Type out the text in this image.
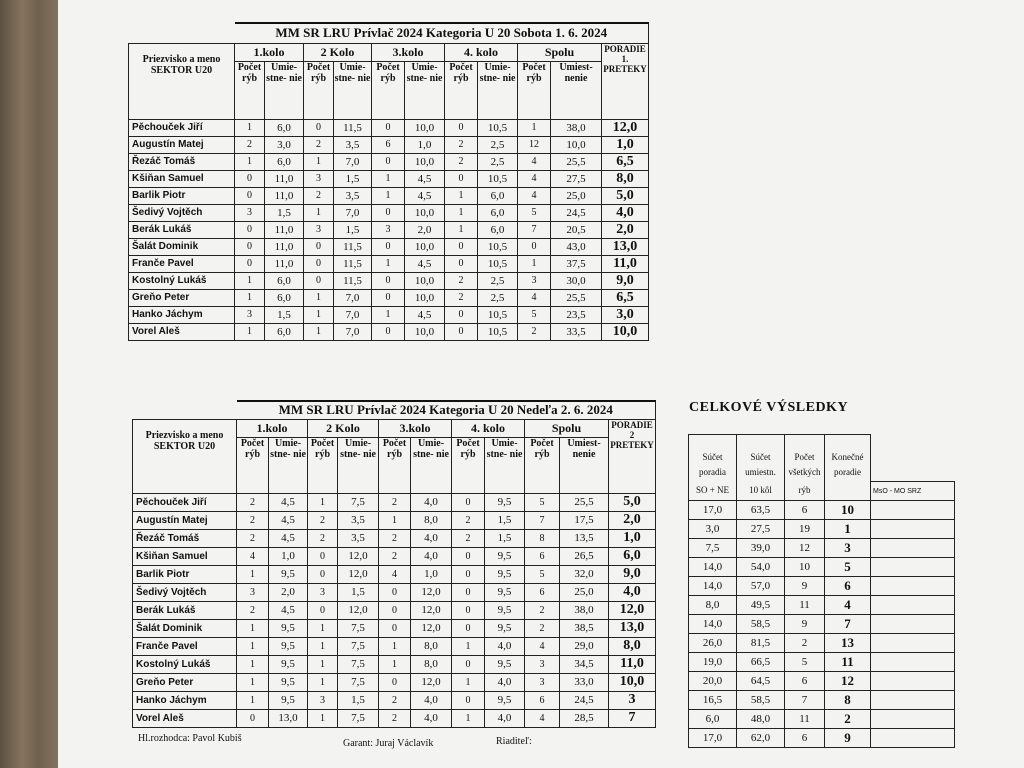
	MM SR LRU Prívlač 2024 Kategoria U 20 Sobota 1. 6. 2024										
Priezvisko a meno SEKTOR U20	1.kolo		2 Kolo		3.kolo		4. kolo		Spolu		PORADIE 1. PRETEKY
	Počet rýb	Umie- stne- nie	Počet rýb	Umie- stne- nie	Počet rýb	Umie- stne- nie	Počet rýb	Umie- stne- nie	Počet rýb	Umiest- nenie	
Pěchouček Jiří	1	6,0	0	11,5	0	10,0	0	10,5	1	38,0	12,0
Augustín Matej	2	3,0	2	3,5	6	1,0	2	2,5	12	10,0	1,0
Řezáč Tomáš	1	6,0	1	7,0	0	10,0	2	2,5	4	25,5	6,5
Kšiňan Samuel	0	11,0	3	1,5	1	4,5	0	10,5	4	27,5	8,0
Barlik Piotr	0	11,0	2	3,5	1	4,5	1	6,0	4	25,0	5,0
Šedivý Vojtěch	3	1,5	1	7,0	0	10,0	1	6,0	5	24,5	4,0
Berák Lukáš	0	11,0	3	1,5	3	2,0	1	6,0	7	20,5	2,0
Šalát Dominik	0	11,0	0	11,5	0	10,0	0	10,5	0	43,0	13,0
Franče Pavel	0	11,0	0	11,5	1	4,5	0	10,5	1	37,5	11,0
Kostolný Lukáš	1	6,0	0	11,5	0	10,0	2	2,5	3	30,0	9,0
Greňo Peter	1	6,0	1	7,0	0	10,0	2	2,5	4	25,5	6,5
Hanko Jáchym	3	1,5	1	7,0	1	4,5	0	10,5	5	23,5	3,0
Vorel Aleš	1	6,0	1	7,0	0	10,0	0	10,5	2	33,5	10,0
	MM SR LRU Prívlač 2024 Kategoria U 20 Nedeľa 2. 6. 2024										
Priezvisko a meno SEKTOR U20	1.kolo		2 Kolo		3.kolo		4. kolo		Spolu		PORADIE 2 PRETEKY
	Počet rýb	Umie- stne- nie	Počet rýb	Umie- stne- nie	Počet rýb	Umie- stne- nie	Počet rýb	Umie- stne- nie	Počet rýb	Umiest- nenie	
Pěchouček Jiří	2	4,5	1	7,5	2	4,0	0	9,5	5	25,5	5,0
Augustín Matej	2	4,5	2	3,5	1	8,0	2	1,5	7	17,5	2,0
Řezáč Tomáš	2	4,5	2	3,5	2	4,0	2	1,5	8	13,5	1,0
Kšiňan Samuel	4	1,0	0	12,0	2	4,0	0	9,5	6	26,5	6,0
Barlik Piotr	1	9,5	0	12,0	4	1,0	0	9,5	5	32,0	9,0
Šedivý Vojtěch	3	2,0	3	1,5	0	12,0	0	9,5	6	25,0	4,0
Berák Lukáš	2	4,5	0	12,0	0	12,0	0	9,5	2	38,0	12,0
Šalát Dominik	1	9,5	1	7,5	0	12,0	0	9,5	2	38,5	13,0
Franče Pavel	1	9,5	1	7,5	1	8,0	1	4,0	4	29,0	8,0
Kostolný Lukáš	1	9,5	1	7,5	1	8,0	0	9,5	3	34,5	11,0
Greňo Peter	1	9,5	1	7,5	0	12,0	1	4,0	3	33,0	10,0
Hanko Jáchym	1	9,5	3	1,5	2	4,0	0	9,5	6	24,5	3
Vorel Aleš	0	13,0	1	7,5	2	4,0	1	4,0	4	28,5	7
CELKOVÉ VÝSLEDKY
Súčet	Súčet	Počet	Konečné	
poradia	umiestn.	všetkých	poradie	
SO + NE	10 kôl	rýb		MsO - MO SRZ
17,0	63,5	6	10	
3,0	27,5	19	1	
7,5	39,0	12	3	
14,0	54,0	10	5	
14,0	57,0	9	6	
8,0	49,5	11	4	
14,0	58,5	9	7	
26,0	81,5	2	13	
19,0	66,5	5	11	
20,0	64,5	6	12	
16,5	58,5	7	8	
6,0	48,0	11	2	
17,0	62,0	6	9	
Hl.rozhodca: Pavol Kubiš	Garant: Juraj Václavík	Riaditeľ:
